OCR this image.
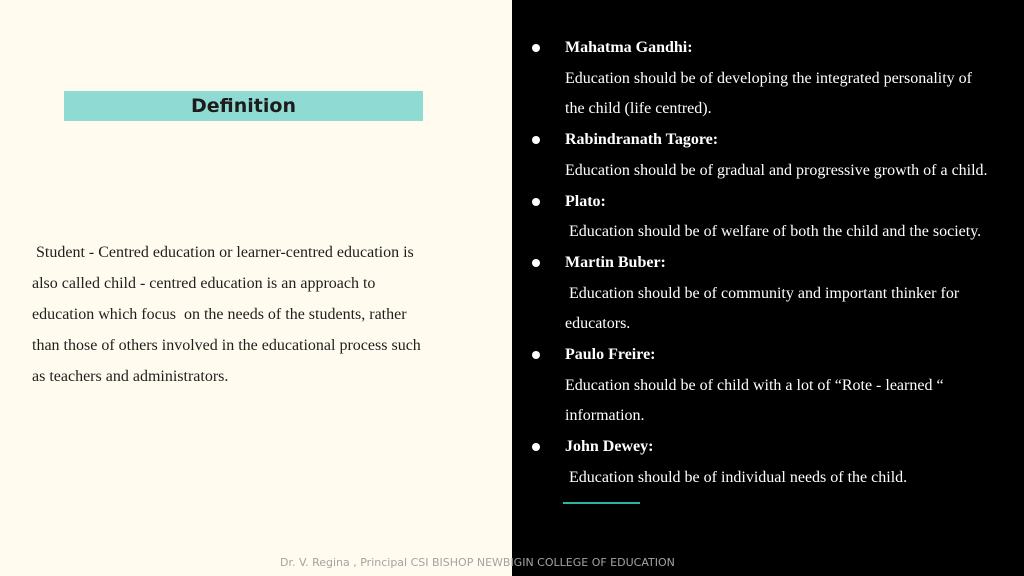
Definition

Student - Centred education or learner-centred education is
also called child - centred education is an approach to
education which focus  on the needs of the students, rather
than those of others involved in the educational process such
as teachers and administrators.

Mahatma Gandhi:
Education should be of developing the integrated personality of
the child (life centred).
Rabindranath Tagore:
Education should be of gradual and progressive growth of a child.
Plato:
Education should be of welfare of both the child and the society.
Martin Buber:
Education should be of community and important thinker for
educators.
Paulo Freire:
Education should be of child with a lot of “Rote - learned “
information.
John Dewey:
Education should be of individual needs of the child.
Dr. V. Regina , Principal CSI BISHOP NEWBIGIN COLLEGE OF EDUCATION
